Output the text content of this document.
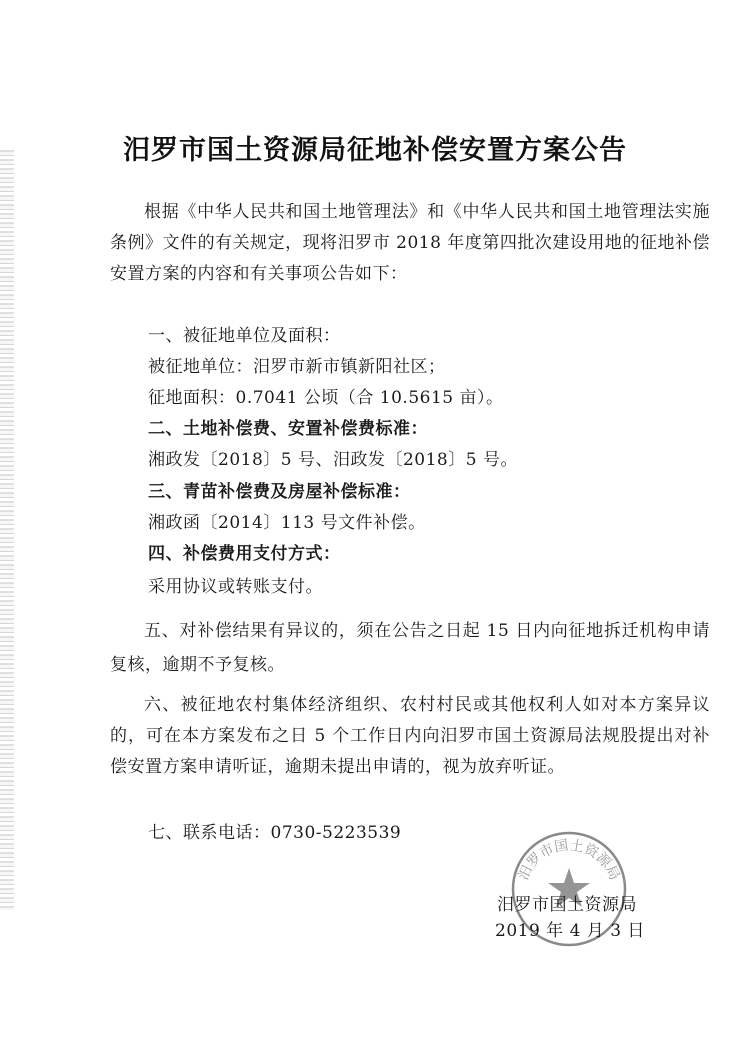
汨罗市国土资源局征地补偿安置方案公告

根据《中华人民共和国土地管理法》和《中华人民共和国土地管理法实施条例》文件的有关规定，现将汨罗市 2018 年度第四批次建设用地的征地补偿安置方案的内容和有关事项公告如下：

一、被征地单位及面积：

被征地单位：汨罗市新市镇新阳社区；

征地面积：0.7041 公顷（合 10.5615 亩）。

二、土地补偿费、安置补偿费标准：

湘政发〔2018〕5 号、汨政发〔2018〕5 号。

三、青苗补偿费及房屋补偿标准：

湘政函〔2014〕113 号文件补偿。

四、补偿费用支付方式：

采用协议或转账支付。

五、对补偿结果有异议的，须在公告之日起 15 日内向征地拆迁机构申请复核，逾期不予复核。

六、被征地农村集体经济组织、农村村民或其他权利人如对本方案异议的，可在本方案发布之日 5 个工作日内向汨罗市国土资源局法规股提出对补偿安置方案申请听证，逾期未提出申请的，视为放弃听证。

七、联系电话：0730-5223539

汨罗市国土资源局

汨罗市国土资源局

2019 年 4 月 3 日
